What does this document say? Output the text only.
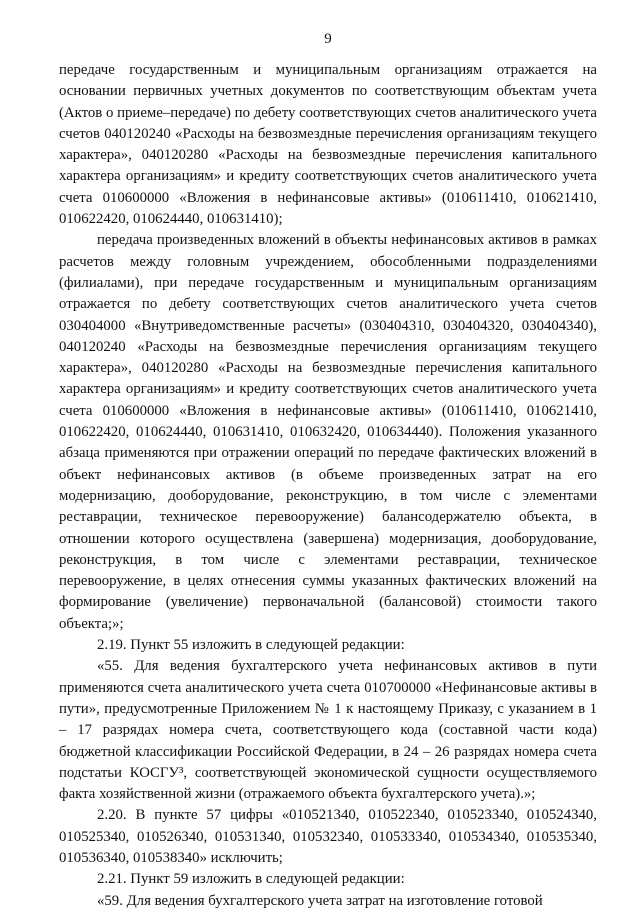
9

передаче государственным и муниципальным организациям отражается на основании первичных учетных документов по соответствующим объектам учета (Актов о приеме–передаче) по дебету соответствующих счетов аналитического учета счетов 040120240 «Расходы на безвозмездные перечисления организациям текущего характера», 040120280 «Расходы на безвозмездные перечисления капитального характера организациям» и кредиту соответствующих счетов аналитического учета счета 010600000 «Вложения в нефинансовые активы» (010611410, 010621410, 010622420, 010624440, 010631410);

передача произведенных вложений в объекты нефинансовых активов в рамках расчетов между головным учреждением, обособленными подразделениями (филиалами), при передаче государственным и муниципальным организациям отражается по дебету соответствующих счетов аналитического учета счетов 030404000 «Внутриведомственные расчеты» (030404310, 030404320, 030404340), 040120240 «Расходы на безвозмездные перечисления организациям текущего характера», 040120280 «Расходы на безвозмездные перечисления капитального характера организациям» и кредиту соответствующих счетов аналитического учета счета 010600000 «Вложения в нефинансовые активы» (010611410, 010621410, 010622420, 010624440, 010631410, 010632420, 010634440). Положения указанного абзаца применяются при отражении операций по передаче фактических вложений в объект нефинансовых активов (в объеме произведенных затрат на его модернизацию, дооборудование, реконструкцию, в том числе с элементами реставрации, техническое перевооружение) балансодержателю объекта, в отношении которого осуществлена (завершена) модернизация, дооборудование, реконструкция, в том числе с элементами реставрации, техническое перевооружение, в целях отнесения суммы указанных фактических вложений на формирование (увеличение) первоначальной (балансовой) стоимости такого объекта;»;

2.19. Пункт 55 изложить в следующей редакции:

«55. Для ведения бухгалтерского учета нефинансовых активов в пути применяются счета аналитического учета счета 010700000 «Нефинансовые активы в пути», предусмотренные Приложением № 1 к настоящему Приказу, с указанием в 1 – 17 разрядах номера счета, соответствующего кода (составной части кода) бюджетной классификации Российской Федерации, в 24 – 26 разрядах номера счета подстатьи КОСГУ³, соответствующей экономической сущности осуществляемого факта хозяйственной жизни (отражаемого объекта бухгалтерского учета).»;

2.20. В пункте 57 цифры «010521340, 010522340, 010523340, 010524340, 010525340, 010526340, 010531340, 010532340, 010533340, 010534340, 010535340, 010536340, 010538340» исключить;

2.21. Пункт 59 изложить в следующей редакции:

«59. Для ведения бухгалтерского учета затрат на изготовление готовой
